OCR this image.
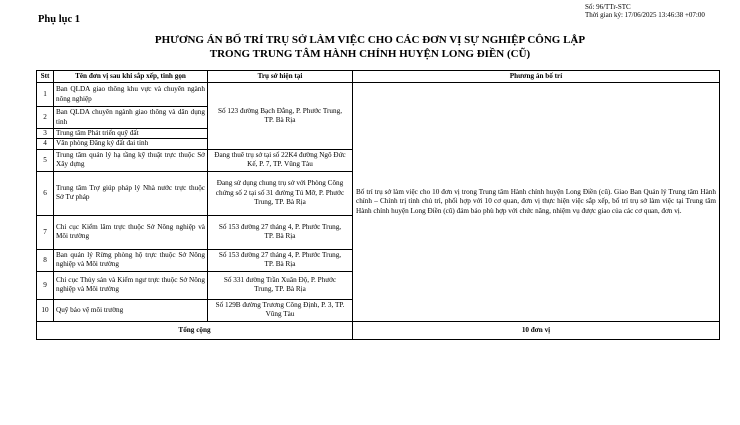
Số: 96/TTr-STC
Thời gian ký: 17/06/2025 13:46:38 +07:00
Phụ lục 1
PHƯƠNG ÁN BỐ TRÍ TRỤ SỞ LÀM VIỆC CHO CÁC ĐƠN VỊ SỰ NGHIỆP CÔNG LẬP
TRONG TRUNG TÂM HÀNH CHÍNH HUYỆN LONG ĐIỀN (CŨ)
Stt	Tên đơn vị sau khi sắp xếp, tinh gọn	Trụ sở hiện tại	Phương án bố trí
1	Ban QLDA giao thông khu vực và chuyên ngành nông nghiệp	Số 123 đường Bạch Đằng, P. Phước Trung, TP. Bà Rịa	Bố trí trụ sở làm việc cho 10 đơn vị trong Trung tâm Hành chính huyện Long Điền (cũ). Giao Ban Quản lý Trung tâm Hành chính – Chính trị tỉnh chủ trì, phối hợp với 10 cơ quan, đơn vị thực hiện việc sắp xếp, bố trí trụ sở làm việc tại Trung tâm Hành chính huyện Long Điền (cũ) đảm bảo phù hợp với chức năng, nhiệm vụ được giao của các cơ quan, đơn vị.
2	Ban QLDA chuyên ngành giao thông và dân dụng tỉnh		
3	Trung tâm Phát triển quỹ đất		
4	Văn phòng Đăng ký đất đai tỉnh		
5	Trung tâm quản lý hạ tầng kỹ thuật trực thuộc Sở Xây dựng	Đang thuê trụ sở tại số 22K4 đường Ngô Đức Kế, P. 7, TP. Vũng Tàu	
6	Trung tâm Trợ giúp pháp lý Nhà nước trực thuộc Sở Tư pháp	Đang sử dụng chung trụ sở với Phòng Công chứng số 2 tại số 31 đường Tú Mỡ, P. Phước Trung, TP. Bà Rịa	
7	Chi cục Kiểm lâm trực thuộc Sở Nông nghiệp và Môi trường	Số 153 đường 27 tháng 4, P. Phước Trung, TP. Bà Rịa	
8	Ban quản lý Rừng phòng hộ trực thuộc Sở Nông nghiệp và Môi trường	Số 153 đường 27 tháng 4, P. Phước Trung, TP. Bà Rịa	
9	Chi cục Thủy sản và Kiểm ngư trực thuộc Sở Nông nghiệp và Môi trường	Số 331 đường Trần Xuân Độ, P. Phước Trung, TP. Bà Rịa	
10	Quỹ bảo vệ môi trường	Số 129B đường Trương Công Định, P. 3, TP. Vũng Tàu	
Tổng cộng			10 đơn vị
